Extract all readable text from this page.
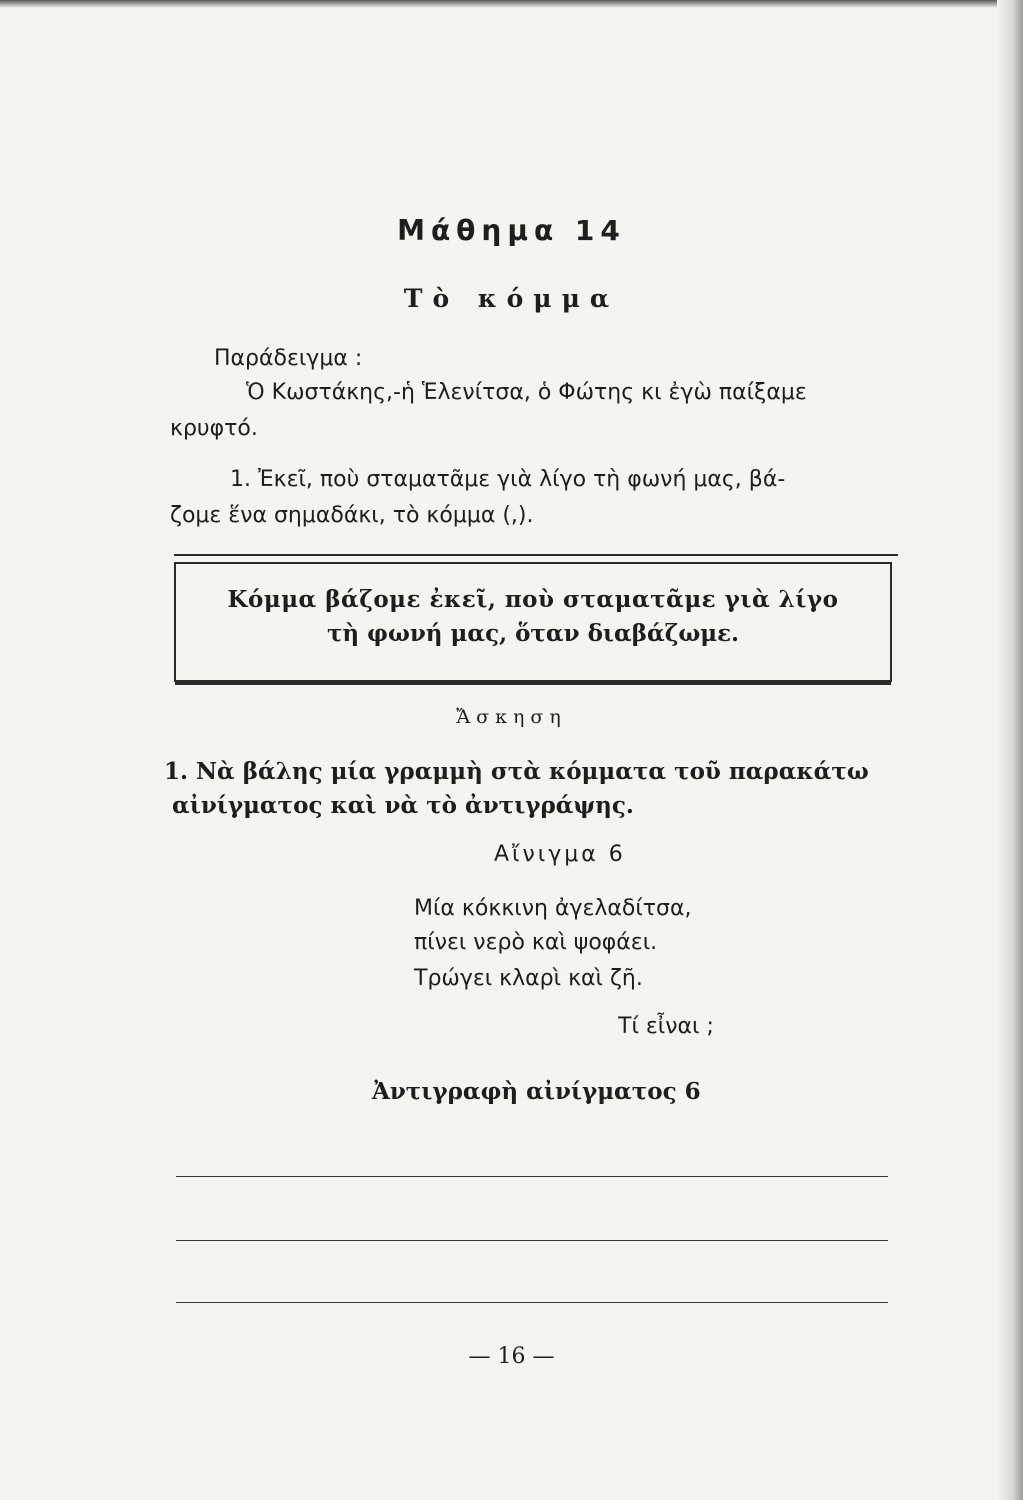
Μάθημα 14
Τὸ κόμμα
Παράδειγμα :
Ὁ Κωστάκης,-ἡ Ἑλενίτσα, ὁ Φώτης κι ἐγὼ παίξαμε
κρυφτό.
1. Ἐκεῖ, ποὺ σταματᾶμε γιὰ λίγο τὴ φωνή μας, βά-
ζομε ἕνα σημαδάκι, τὸ κόμμα (,).
Κόμμα βάζομε ἐκεῖ, ποὺ σταματᾶμε γιὰ λίγο
τὴ φωνή μας, ὅταν διαβάζωμε.
Ἄσκηση
1. Νὰ βάλης μία γραμμὴ στὰ κόμματα τοῦ παρακάτω
αἰνίγματος καὶ νὰ τὸ ἀντιγράψης.
Αἴνιγμα 6
Μία κόκκινη ἀγελαδίτσα,
πίνει νερὸ καὶ ψοφάει.
Τρώγει κλαρὶ καὶ ζῆ.
Τί εἶναι ;
Ἀντιγραφὴ αἰνίγματος 6
— 16 —
